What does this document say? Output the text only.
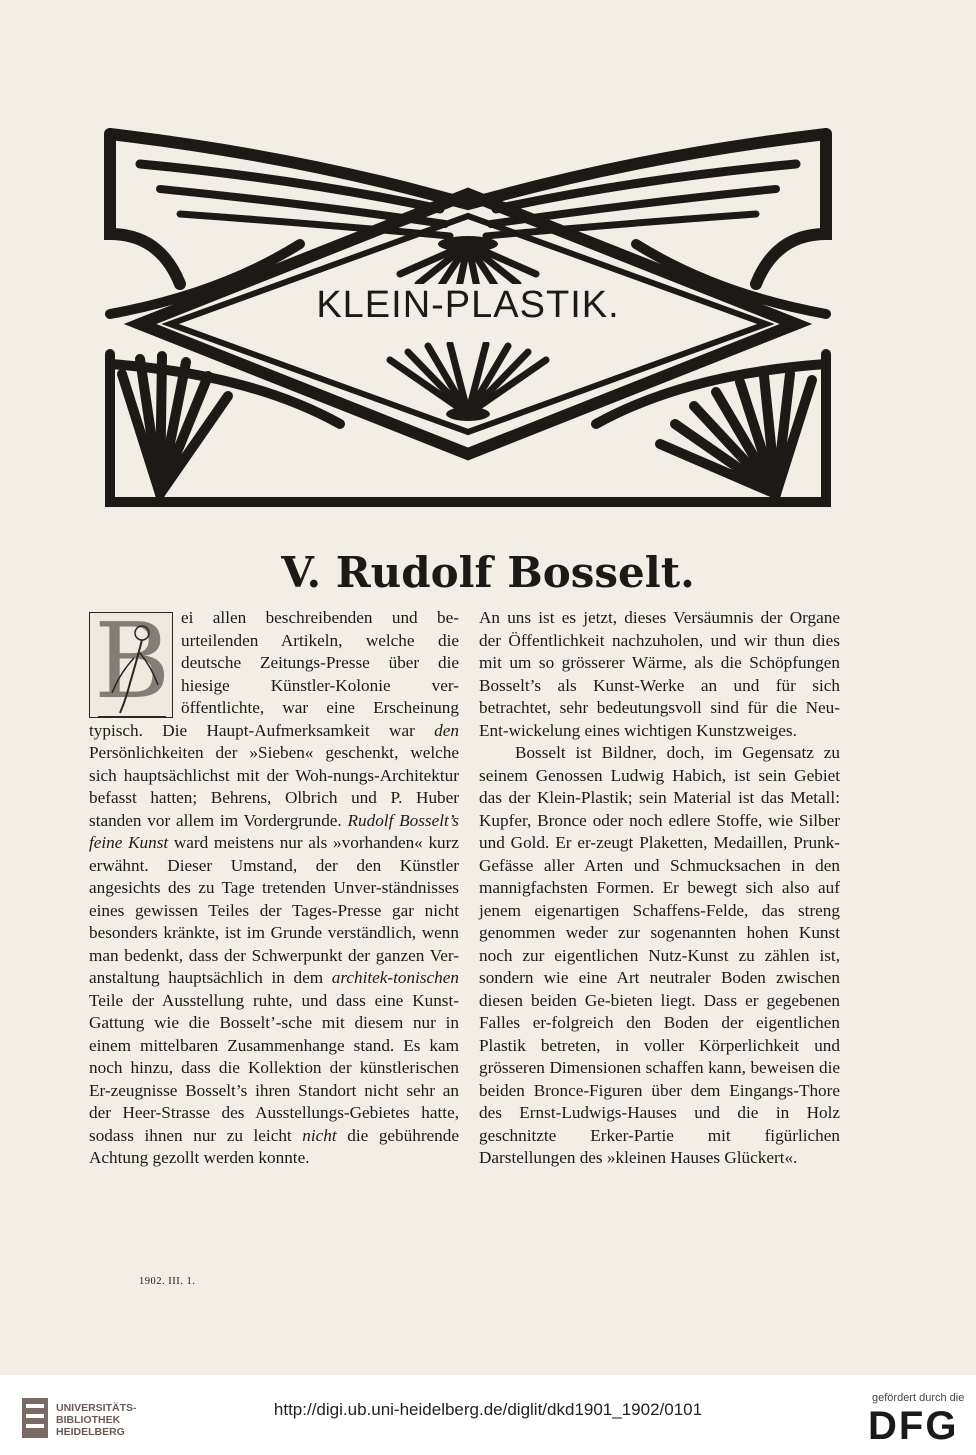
KLEIN-PLASTIK.
V. Rudolf Bosselt.
B ei allen beschreibenden und be-urteilenden Artikeln, welche die deutsche Zeitungs-Presse über die hiesige Künstler-Kolonie ver-öffentlichte, war eine Erscheinung typisch. Die Haupt-Aufmerksamkeit war den Persönlichkeiten der »Sieben« geschenkt, welche sich hauptsächlichst mit der Woh-nungs-Architektur befasst hatten; Behrens, Olbrich und P. Huber standen vor allem im Vordergrunde. Rudolf Bosselt’s feine Kunst ward meistens nur als »vorhanden« kurz erwähnt. Dieser Umstand, der den Künstler angesichts des zu Tage tretenden Unver-ständnisses eines gewissen Teiles der Tages-Presse gar nicht besonders kränkte, ist im Grunde verständlich, wenn man bedenkt, dass der Schwerpunkt der ganzen Ver-anstaltung hauptsächlich in dem architek-tonischen Teile der Ausstellung ruhte, und dass eine Kunst-Gattung wie die Bosselt’-sche mit diesem nur in einem mittelbaren Zusammenhange stand. Es kam noch hinzu, dass die Kollektion der künstlerischen Er-zeugnisse Bosselt’s ihren Standort nicht sehr an der Heer-Strasse des Ausstellungs-Gebietes hatte, sodass ihnen nur zu leicht nicht die gebührende Achtung gezollt werden konnte.

An uns ist es jetzt, dieses Versäumnis der Organe der Öffentlichkeit nachzuholen, und wir thun dies mit um so grösserer Wärme, als die Schöpfungen Bosselt’s als Kunst-Werke an und für sich betrachtet, sehr bedeutungsvoll sind für die Neu-Ent-wickelung eines wichtigen Kunstzweiges.

Bosselt ist Bildner, doch, im Gegensatz zu seinem Genossen Ludwig Habich, ist sein Gebiet das der Klein-Plastik; sein Material ist das Metall: Kupfer, Bronce oder noch edlere Stoffe, wie Silber und Gold. Er er-zeugt Plaketten, Medaillen, Prunk-Gefässe aller Arten und Schmucksachen in den mannigfachsten Formen. Er bewegt sich also auf jenem eigenartigen Schaffens-Felde, das streng genommen weder zur sogenannten hohen Kunst noch zur eigentlichen Nutz-Kunst zu zählen ist, sondern wie eine Art neutraler Boden zwischen diesen beiden Ge-bieten liegt. Dass er gegebenen Falles er-folgreich den Boden der eigentlichen Plastik betreten, in voller Körperlichkeit und grösseren Dimensionen schaffen kann, beweisen die beiden Bronce-Figuren über dem Eingangs-Thore des Ernst-Ludwigs-Hauses und die in Holz geschnitzte Erker-Partie mit figürlichen Darstellungen des »kleinen Hauses Glückert«.

1902. III. 1.
UNIVERSITÄTS-
BIBLIOTHEK
HEIDELBERG
http://digi.ub.uni-heidelberg.de/diglit/dkd1901_1902/0101
gefördert durch die
DFG
